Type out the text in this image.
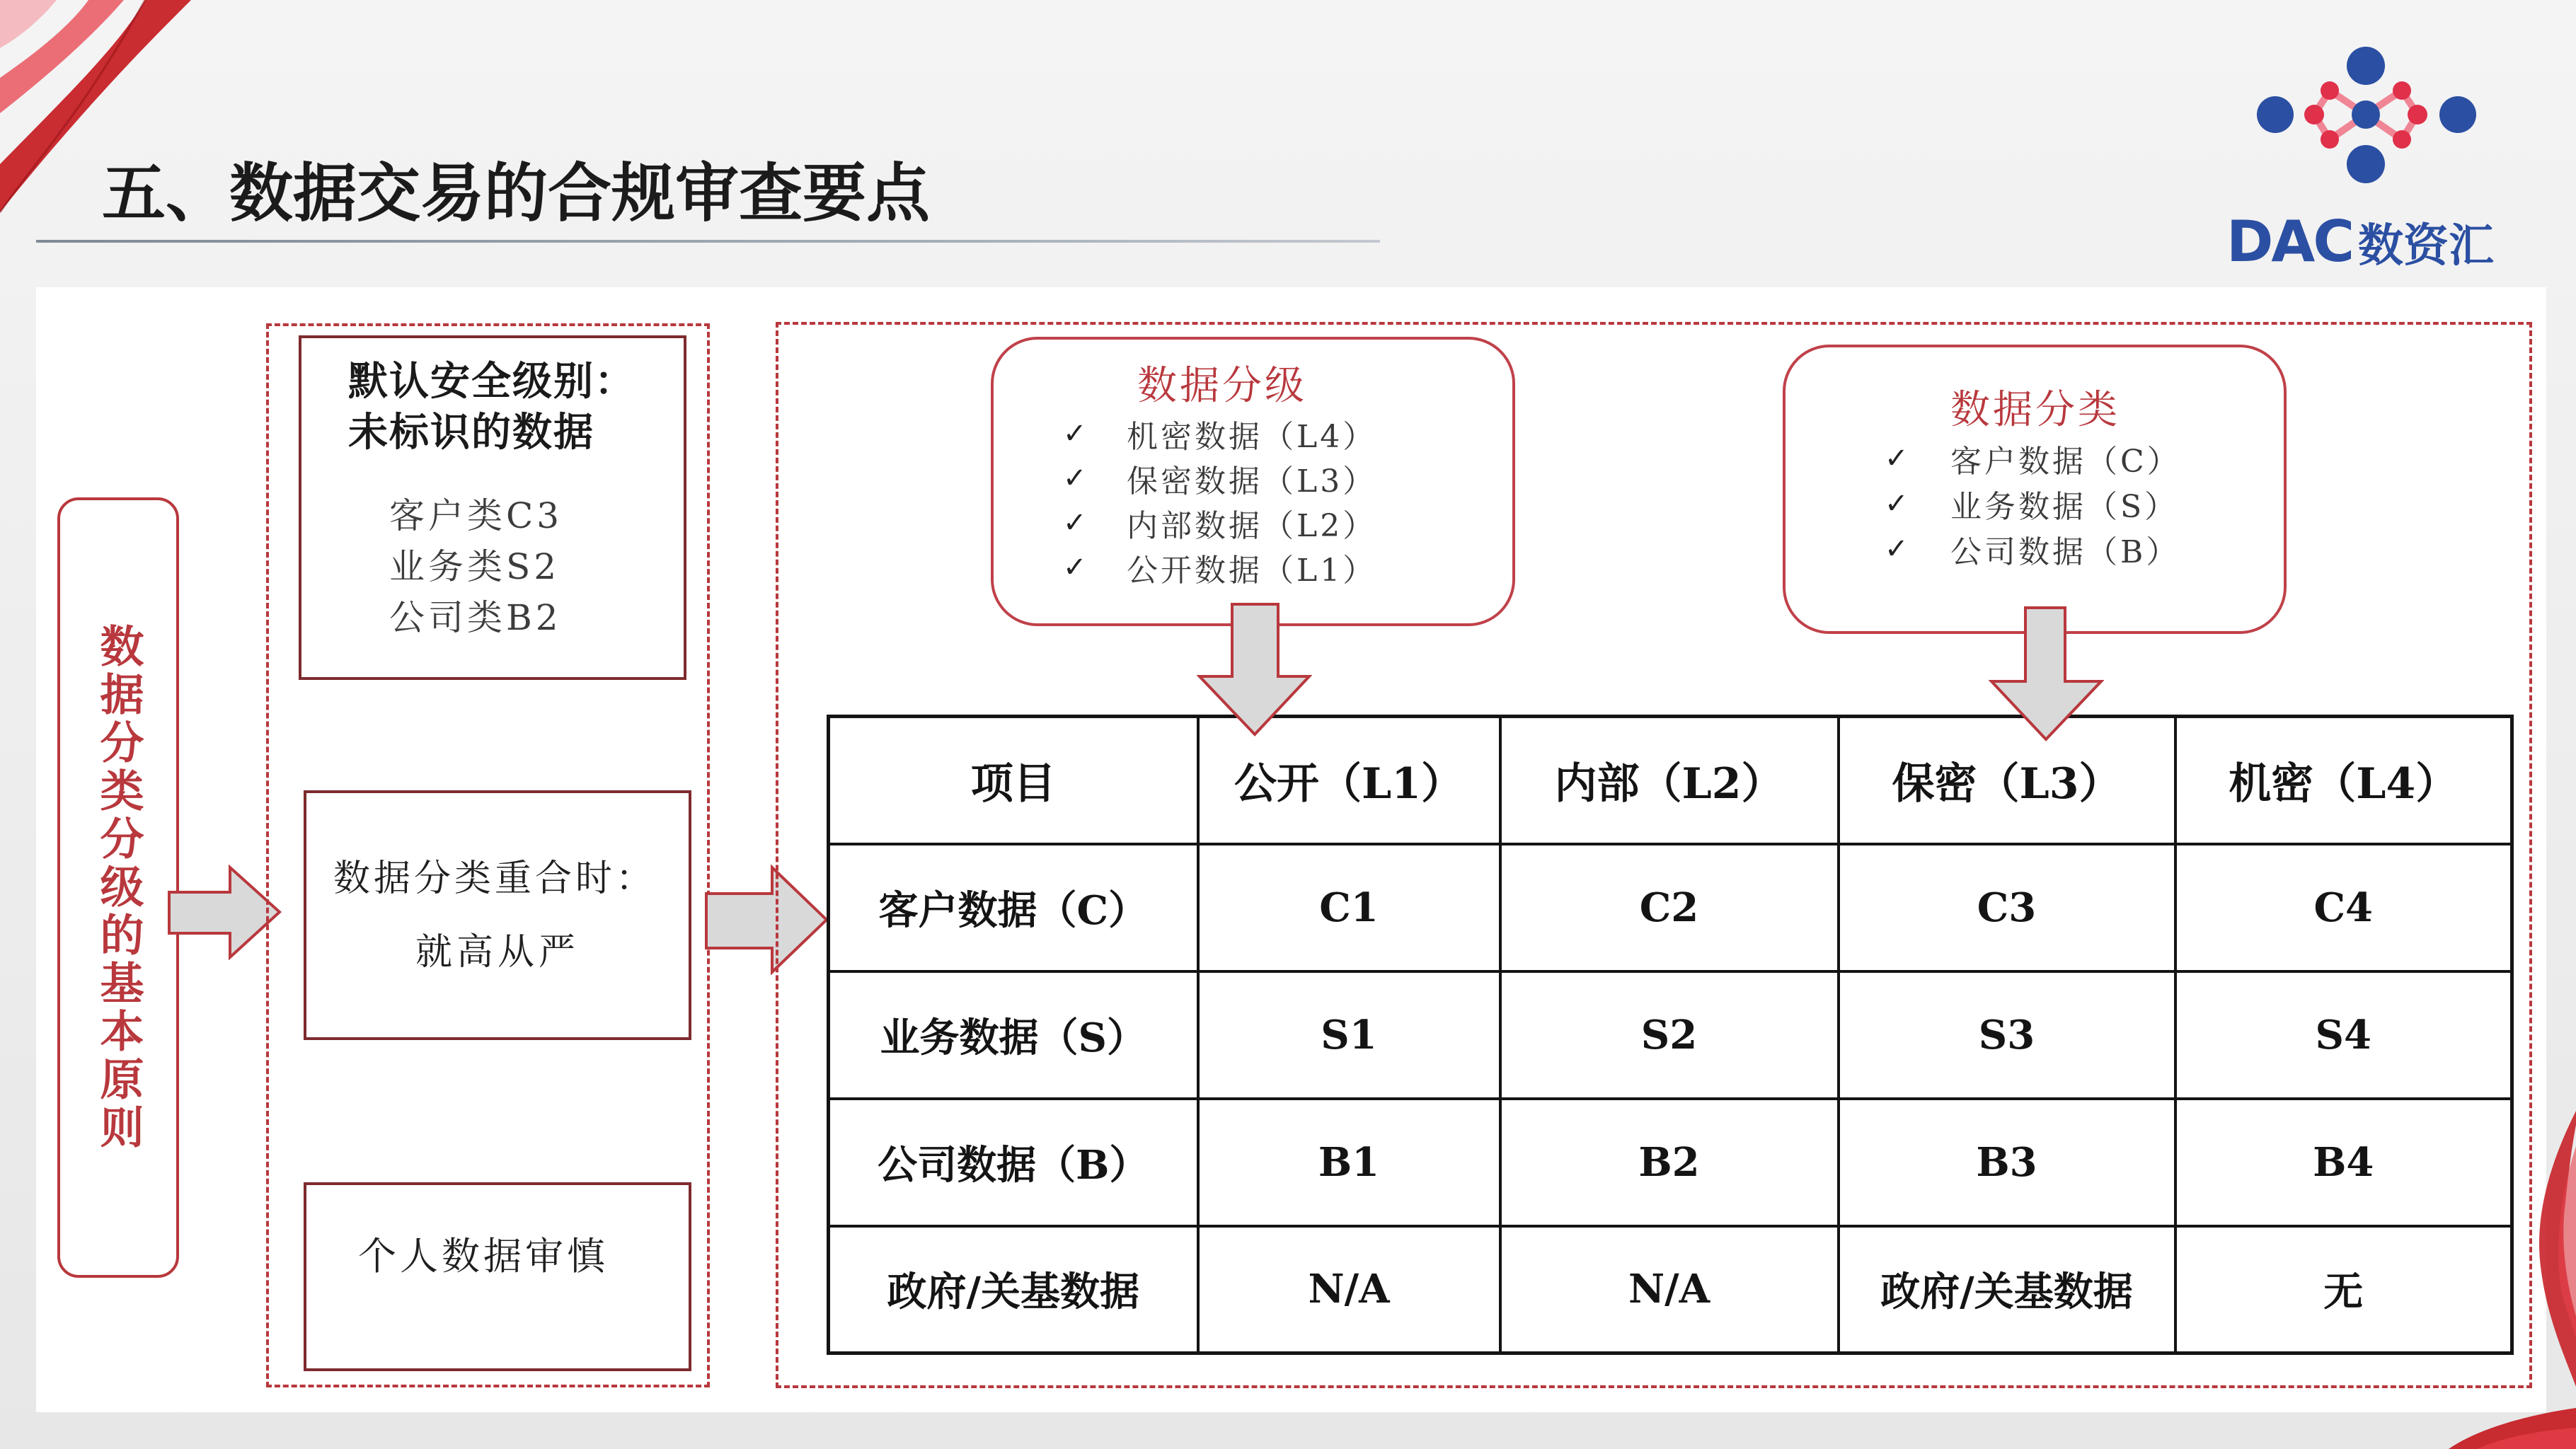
五、数据交易的合规审查要点
DAC 数资汇
数据分类分级的基本原则
默认安全级别：
未标识的数据
客户类C3
业务类S2
公司类B2
数据分类重合时：
就高从严
个人数据审慎
数据分级
✓
机密数据（L4）
✓
保密数据（L3）
✓
内部数据（L2）
✓
公开数据（L1）
数据分类
✓
客户数据（C）
✓
业务数据（S）
✓
公司数据（B）
项目	公开（L1）	内部（L2）	保密（L3）	机密（L4）
客户数据（C）	C1	C2	C3	C4
业务数据（S）	S1	S2	S3	S4
公司数据（B）	B1	B2	B3	B4
政府/关基数据	N/A	N/A	政府/关基数据	无
